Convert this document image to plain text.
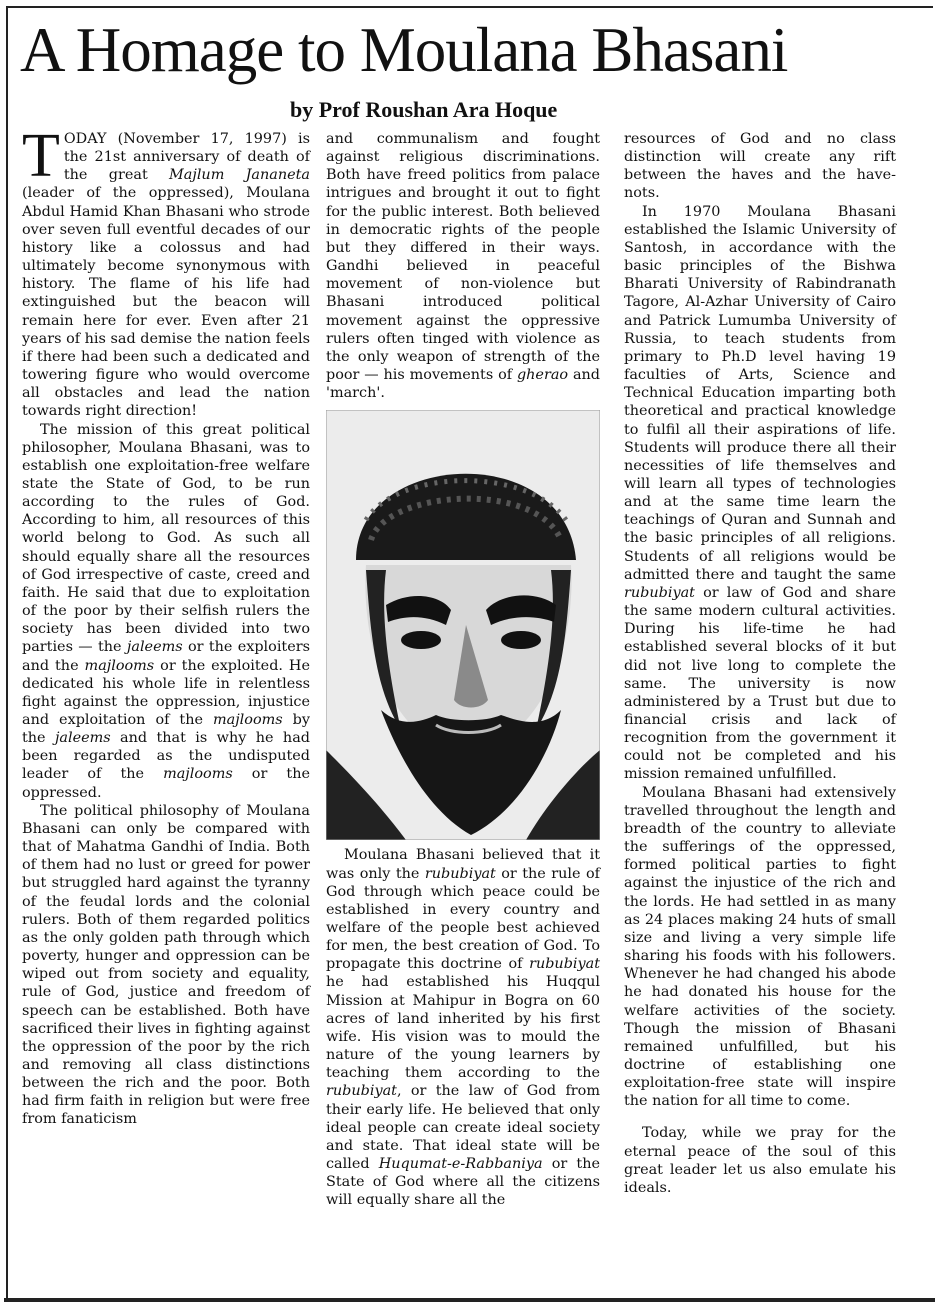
A Homage to Moulana Bhasani
by Prof Roushan Ara Hoque

TODAY (November 17, 1997) is the 21st anniversary of death of the great Majlum Jananeta (leader of the oppressed), Moulana Abdul Hamid Khan Bhasani who strode over seven full eventful decades of our history like a colossus and had ultimately become synonymous with history. The flame of his life had extinguished but the beacon will remain here for ever. Even after 21 years of his sad demise the nation feels if there had been such a dedicated and towering figure who would overcome all obstacles and lead the nation towards right direction!

The mission of this great political philosopher, Moulana Bhasani, was to establish one exploitation-free welfare state the State of God, to be run according to the rules of God. According to him, all resources of this world belong to God. As such all should equally share all the resources of God irrespective of caste, creed and faith. He said that due to exploitation of the poor by their selfish rulers the society has been divided into two parties — the jaleems or the exploiters and the majlooms or the exploited. He dedicated his whole life in relentless fight against the oppression, injustice and exploitation of the majlooms by the jaleems and that is why he had been regarded as the undisputed leader of the majlooms or the oppressed.

The political philosophy of Moulana Bhasani can only be compared with that of Mahatma Gandhi of India. Both of them had no lust or greed for power but struggled hard against the tyranny of the feudal lords and the colonial rulers. Both of them regarded politics as the only golden path through which poverty, hunger and oppression can be wiped out from society and equality, rule of God, justice and freedom of speech can be established. Both have sacrificed their lives in fighting against the oppression of the poor by the rich and removing all class distinctions between the rich and the poor. Both had firm faith in religion but were free from fanaticism

and communalism and fought against religious discriminations. Both have freed politics from palace intrigues and brought it out to fight for the public interest. Both believed in democratic rights of the people but they differed in their ways. Gandhi believed in peaceful movement of non-violence but Bhasani introduced political movement against the oppressive rulers often tinged with violence as the only weapon of strength of the poor — his movements of gherao and 'march'.

Moulana Bhasani believed that it was only the rububiyat or the rule of God through which peace could be established in every country and welfare of the people best achieved for men, the best creation of God. To propagate this doctrine of rububiyat he had established his Huqqul Mission at Mahipur in Bogra on 60 acres of land inherited by his first wife. His vision was to mould the nature of the young learners by teaching them according to the rububiyat, or the law of God from their early life. He believed that only ideal people can create ideal society and state. That ideal state will be called Huqumat-e-Rabbaniya or the State of God where all the citizens will equally share all the

resources of God and no class distinction will create any rift between the haves and the have-nots.

In 1970 Moulana Bhasani established the Islamic University of Santosh, in accordance with the basic principles of the Bishwa Bharati University of Rabindranath Tagore, Al-Azhar University of Cairo and Patrick Lumumba University of Russia, to teach students from primary to Ph.D level having 19 faculties of Arts, Science and Technical Education imparting both theoretical and practical knowledge to fulfil all their aspirations of life. Students will produce there all their necessities of life themselves and will learn all types of technologies and at the same time learn the teachings of Quran and Sunnah and the basic principles of all religions. Students of all religions would be admitted there and taught the same rububiyat or law of God and share the same modern cultural activities. During his life-time he had established several blocks of it but did not live long to complete the same. The university is now administered by a Trust but due to financial crisis and lack of recognition from the government it could not be completed and his mission remained unfulfilled.

Moulana Bhasani had extensively travelled throughout the length and breadth of the country to alleviate the sufferings of the oppressed, formed political parties to fight against the injustice of the rich and the lords. He had settled in as many as 24 places making 24 huts of small size and living a very simple life sharing his foods with his followers. Whenever he had changed his abode he had donated his house for the welfare activities of the society. Though the mission of Bhasani remained unfulfilled, but his doctrine of establishing one exploitation-free state will inspire the nation for all time to come.

Today, while we pray for the eternal peace of the soul of this great leader let us also emulate his ideals.
